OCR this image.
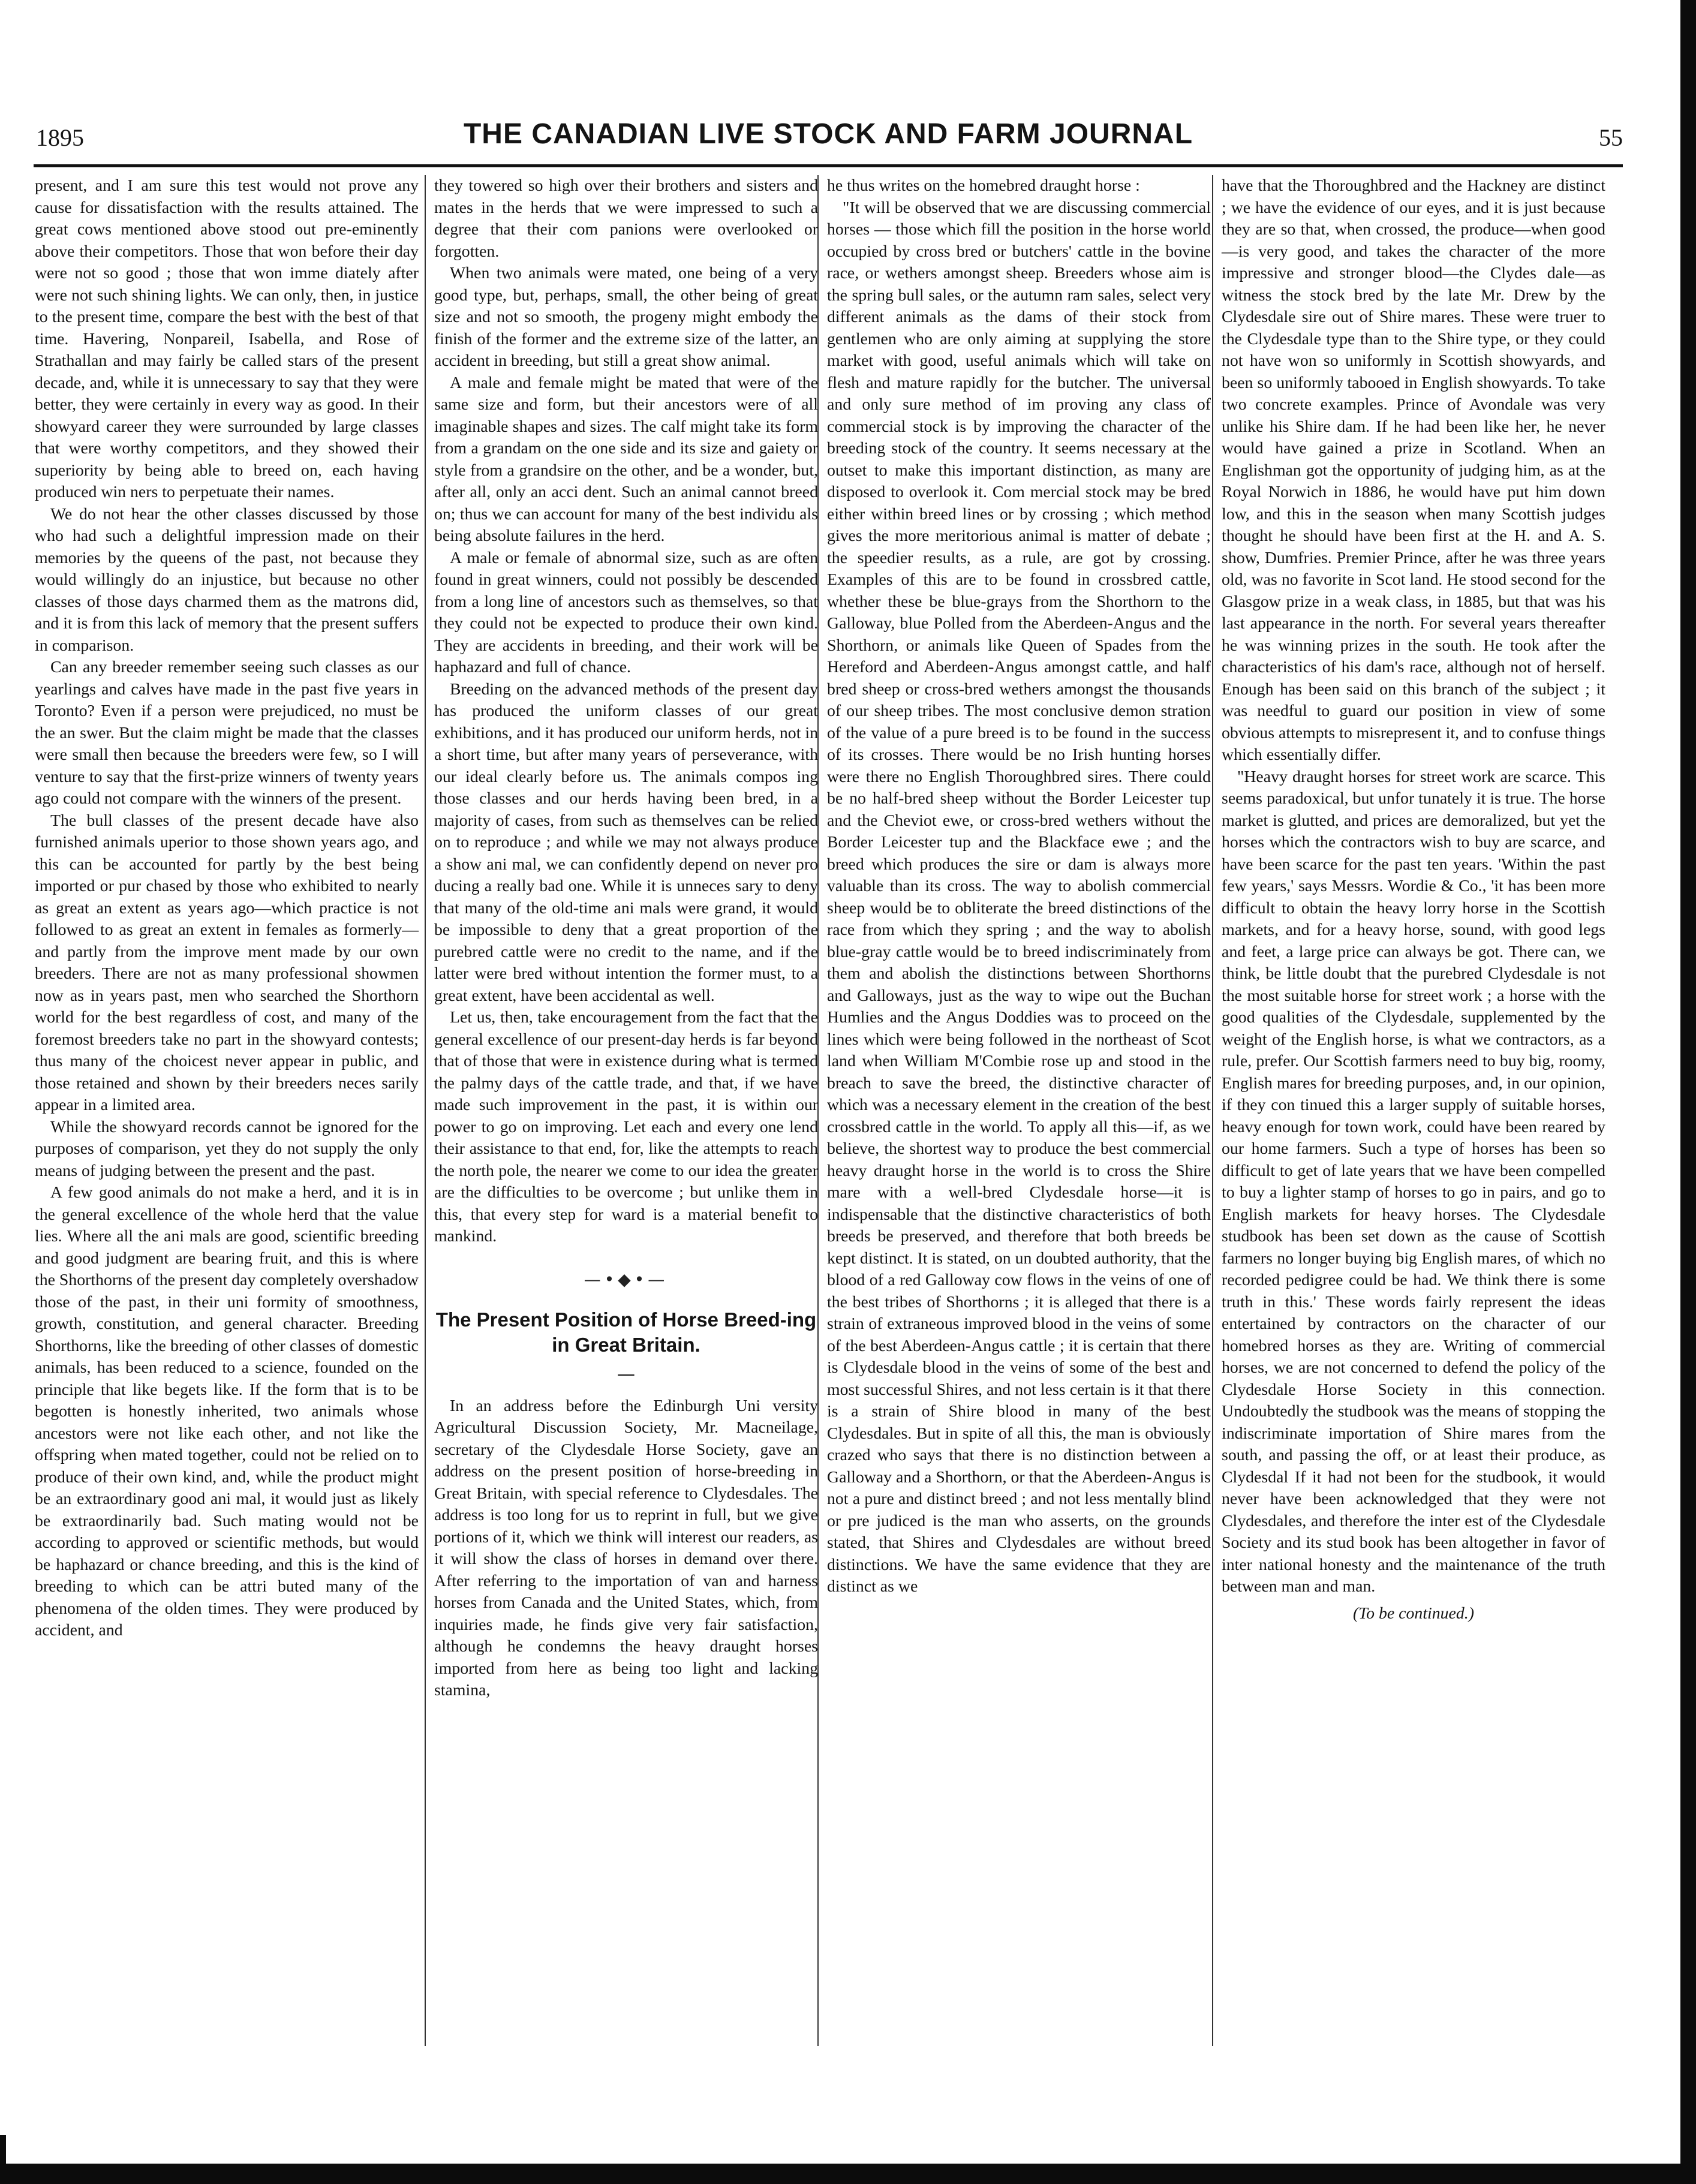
1895	THE CANADIAN LIVE STOCK AND FARM JOURNAL	55

present, and I am sure this test would not prove any cause for dissatisfaction with the results attained. The great cows mentioned above stood out pre-eminently above their competitors. Those that won before their day were not so good ; those that won imme diately after were not such shining lights. We can only, then, in justice to the present time, compare the best with the best of that time. Havering, Nonpareil, Isabella, and Rose of Strathallan and may fairly be called stars of the present decade, and, while it is unnecessary to say that they were better, they were certainly in every way as good. In their showyard career they were surrounded by large classes that were worthy competitors, and they showed their superiority by being able to breed on, each having produced win ners to perpetuate their names.

We do not hear the other classes discussed by those who had such a delightful impression made on their memories by the queens of the past, not because they would willingly do an injustice, but because no other classes of those days charmed them as the matrons did, and it is from this lack of memory that the present suffers in comparison.

Can any breeder remember seeing such classes as our yearlings and calves have made in the past five years in Toronto? Even if a person were prejudiced, no must be the an swer. But the claim might be made that the classes were small then because the breeders were few, so I will venture to say that the first-prize winners of twenty years ago could not compare with the winners of the present.

The bull classes of the present decade have also furnished animals uperior to those shown years ago, and this can be accounted for partly by the best being imported or pur chased by those who exhibited to nearly as great an extent as years ago—which practice is not followed to as great an extent in females as formerly—and partly from the improve ment made by our own breeders. There are not as many professional showmen now as in years past, men who searched the Shorthorn world for the best regardless of cost, and many of the foremost breeders take no part in the showyard contests; thus many of the choicest never appear in public, and those retained and shown by their breeders neces sarily appear in a limited area.

While the showyard records cannot be ignored for the purposes of comparison, yet they do not supply the only means of judging between the present and the past.

A few good animals do not make a herd, and it is in the general excellence of the whole herd that the value lies. Where all the ani mals are good, scientific breeding and good judgment are bearing fruit, and this is where the Shorthorns of the present day completely overshadow those of the past, in their uni formity of smoothness, growth, constitution, and general character. Breeding Shorthorns, like the breeding of other classes of domestic animals, has been reduced to a science, founded on the principle that like begets like. If the form that is to be begotten is honestly inherited, two animals whose ancestors were not like each other, and not like the offspring when mated together, could not be relied on to produce of their own kind, and, while the product might be an extraordinary good ani mal, it would just as likely be extraordinarily bad. Such mating would not be according to approved or scientific methods, but would be haphazard or chance breeding, and this is the kind of breeding to which can be attri buted many of the phenomena of the olden times. They were produced by accident, and

they towered so high over their brothers and sisters and mates in the herds that we were impressed to such a degree that their com panions were overlooked or forgotten.

When two animals were mated, one being of a very good type, but, perhaps, small, the other being of great size and not so smooth, the progeny might embody the finish of the former and the extreme size of the latter, an accident in breeding, but still a great show animal.

A male and female might be mated that were of the same size and form, but their ancestors were of all imaginable shapes and sizes. The calf might take its form from a grandam on the one side and its size and gaiety or style from a grandsire on the other, and be a wonder, but, after all, only an acci dent. Such an animal cannot breed on; thus we can account for many of the best individu als being absolute failures in the herd.

A male or female of abnormal size, such as are often found in great winners, could not possibly be descended from a long line of ancestors such as themselves, so that they could not be expected to produce their own kind. They are accidents in breeding, and their work will be haphazard and full of chance.

Breeding on the advanced methods of the present day has produced the uniform classes of our great exhibitions, and it has produced our uniform herds, not in a short time, but after many years of perseverance, with our ideal clearly before us. The animals compos ing those classes and our herds having been bred, in a majority of cases, from such as themselves can be relied on to reproduce ; and while we may not always produce a show ani mal, we can confidently depend on never pro ducing a really bad one. While it is unneces sary to deny that many of the old-time ani mals were grand, it would be impossible to deny that a great proportion of the purebred cattle were no credit to the name, and if the latter were bred without intention the former must, to a great extent, have been accidental as well.

Let us, then, take encouragement from the fact that the general excellence of our present-day herds is far beyond that of those that were in existence during what is termed the palmy days of the cattle trade, and that, if we have made such improvement in the past, it is within our power to go on improving. Let each and every one lend their assistance to that end, for, like the attempts to reach the north pole, the nearer we come to our idea the greater are the difficulties to be overcome ; but unlike them in this, that every step for ward is a material benefit to mankind.

—•◆•—
The Present Position of Horse Breed-ing in Great Britain.
—

In an address before the Edinburgh Uni versity Agricultural Discussion Society, Mr. Macneilage, secretary of the Clydesdale Horse Society, gave an address on the present position of horse-breeding in Great Britain, with special reference to Clydesdales. The address is too long for us to reprint in full, but we give portions of it, which we think will interest our readers, as it will show the class of horses in demand over there. After referring to the importation of van and harness horses from Canada and the United States, which, from inquiries made, he finds give very fair satisfaction, although he condemns the heavy draught horses imported from here as being too light and lacking stamina,

he thus writes on the homebred draught horse :

"It will be observed that we are discussing commercial horses — those which fill the position in the horse world occupied by cross bred or butchers' cattle in the bovine race, or wethers amongst sheep. Breeders whose aim is the spring bull sales, or the autumn ram sales, select very different animals as the dams of their stock from gentlemen who are only aiming at supplying the store market with good, useful animals which will take on flesh and mature rapidly for the butcher. The universal and only sure method of im proving any class of commercial stock is by improving the character of the breeding stock of the country. It seems necessary at the outset to make this important distinction, as many are disposed to overlook it. Com mercial stock may be bred either within breed lines or by crossing ; which method gives the more meritorious animal is matter of debate ; the speedier results, as a rule, are got by crossing. Examples of this are to be found in crossbred cattle, whether these be blue-grays from the Shorthorn to the Galloway, blue Polled from the Aberdeen-Angus and the Shorthorn, or animals like Queen of Spades from the Hereford and Aberdeen-Angus amongst cattle, and half bred sheep or cross-bred wethers amongst the thousands of our sheep tribes. The most conclusive demon stration of the value of a pure breed is to be found in the success of its crosses. There would be no Irish hunting horses were there no English Thoroughbred sires. There could be no half-bred sheep without the Border Leicester tup and the Cheviot ewe, or cross-bred wethers without the Border Leicester tup and the Blackface ewe ; and the breed which produces the sire or dam is always more valuable than its cross. The way to abolish commercial sheep would be to obliterate the breed distinctions of the race from which they spring ; and the way to abolish blue-gray cattle would be to breed indiscriminately from them and abolish the distinctions between Shorthorns and Galloways, just as the way to wipe out the Buchan Humlies and the Angus Doddies was to proceed on the lines which were being followed in the northeast of Scot land when William M'Combie rose up and stood in the breach to save the breed, the distinctive character of which was a necessary element in the creation of the best crossbred cattle in the world. To apply all this—if, as we believe, the shortest way to produce the best commercial heavy draught horse in the world is to cross the Shire mare with a well-bred Clydesdale horse—it is indispensable that the distinctive characteristics of both breeds be preserved, and therefore that both breeds be kept distinct. It is stated, on un doubted authority, that the blood of a red Galloway cow flows in the veins of one of the best tribes of Shorthorns ; it is alleged that there is a strain of extraneous improved blood in the veins of some of the best Aberdeen-Angus cattle ; it is certain that there is Clydesdale blood in the veins of some of the best and most successful Shires, and not less certain is it that there is a strain of Shire blood in many of the best Clydesdales. But in spite of all this, the man is obviously crazed who says that there is no distinction between a Galloway and a Shorthorn, or that the Aberdeen-Angus is not a pure and distinct breed ; and not less mentally blind or pre judiced is the man who asserts, on the grounds stated, that Shires and Clydesdales are without breed distinctions. We have the same evidence that they are distinct as we

have that the Thoroughbred and the Hackney are distinct ; we have the evidence of our eyes, and it is just because they are so that, when crossed, the produce—when good—is very good, and takes the character of the more impressive and stronger blood—the Clydes dale—as witness the stock bred by the late Mr. Drew by the Clydesdale sire out of Shire mares. These were truer to the Clydesdale type than to the Shire type, or they could not have won so uniformly in Scottish showyards, and been so uniformly tabooed in English showyards. To take two concrete examples. Prince of Avondale was very unlike his Shire dam. If he had been like her, he never would have gained a prize in Scotland. When an Englishman got the opportunity of judging him, as at the Royal Norwich in 1886, he would have put him down low, and this in the season when many Scottish judges thought he should have been first at the H. and A. S. show, Dumfries. Premier Prince, after he was three years old, was no favorite in Scot land. He stood second for the Glasgow prize in a weak class, in 1885, but that was his last appearance in the north. For several years thereafter he was winning prizes in the south. He took after the characteristics of his dam's race, although not of herself. Enough has been said on this branch of the subject ; it was needful to guard our position in view of some obvious attempts to misrepresent it, and to confuse things which essentially differ.

"Heavy draught horses for street work are scarce. This seems paradoxical, but unfor tunately it is true. The horse market is glutted, and prices are demoralized, but yet the horses which the contractors wish to buy are scarce, and have been scarce for the past ten years. 'Within the past few years,' says Messrs. Wordie & Co., 'it has been more difficult to obtain the heavy lorry horse in the Scottish markets, and for a heavy horse, sound, with good legs and feet, a large price can always be got. There can, we think, be little doubt that the purebred Clydesdale is not the most suitable horse for street work ; a horse with the good qualities of the Clydesdale, supplemented by the weight of the English horse, is what we contractors, as a rule, prefer. Our Scottish farmers need to buy big, roomy, English mares for breeding purposes, and, in our opinion, if they con tinued this a larger supply of suitable horses, heavy enough for town work, could have been reared by our home farmers. Such a type of horses has been so difficult to get of late years that we have been compelled to buy a lighter stamp of horses to go in pairs, and go to English markets for heavy horses. The Clydesdale studbook has been set down as the cause of Scottish farmers no longer buying big English mares, of which no recorded pedigree could be had. We think there is some truth in this.' These words fairly represent the ideas entertained by contractors on the character of our homebred horses as they are. Writing of commercial horses, we are not concerned to defend the policy of the Clydesdale Horse Society in this connection. Undoubtedly the studbook was the means of stopping the indiscriminate importation of Shire mares from the south, and passing the off, or at least their produce, as Clydesdal If it had not been for the studbook, it would never have been acknowledged that they were not Clydesdales, and therefore the inter est of the Clydesdale Society and its stud book has been altogether in favor of inter national honesty and the maintenance of the truth between man and man.

(To be continued.)
